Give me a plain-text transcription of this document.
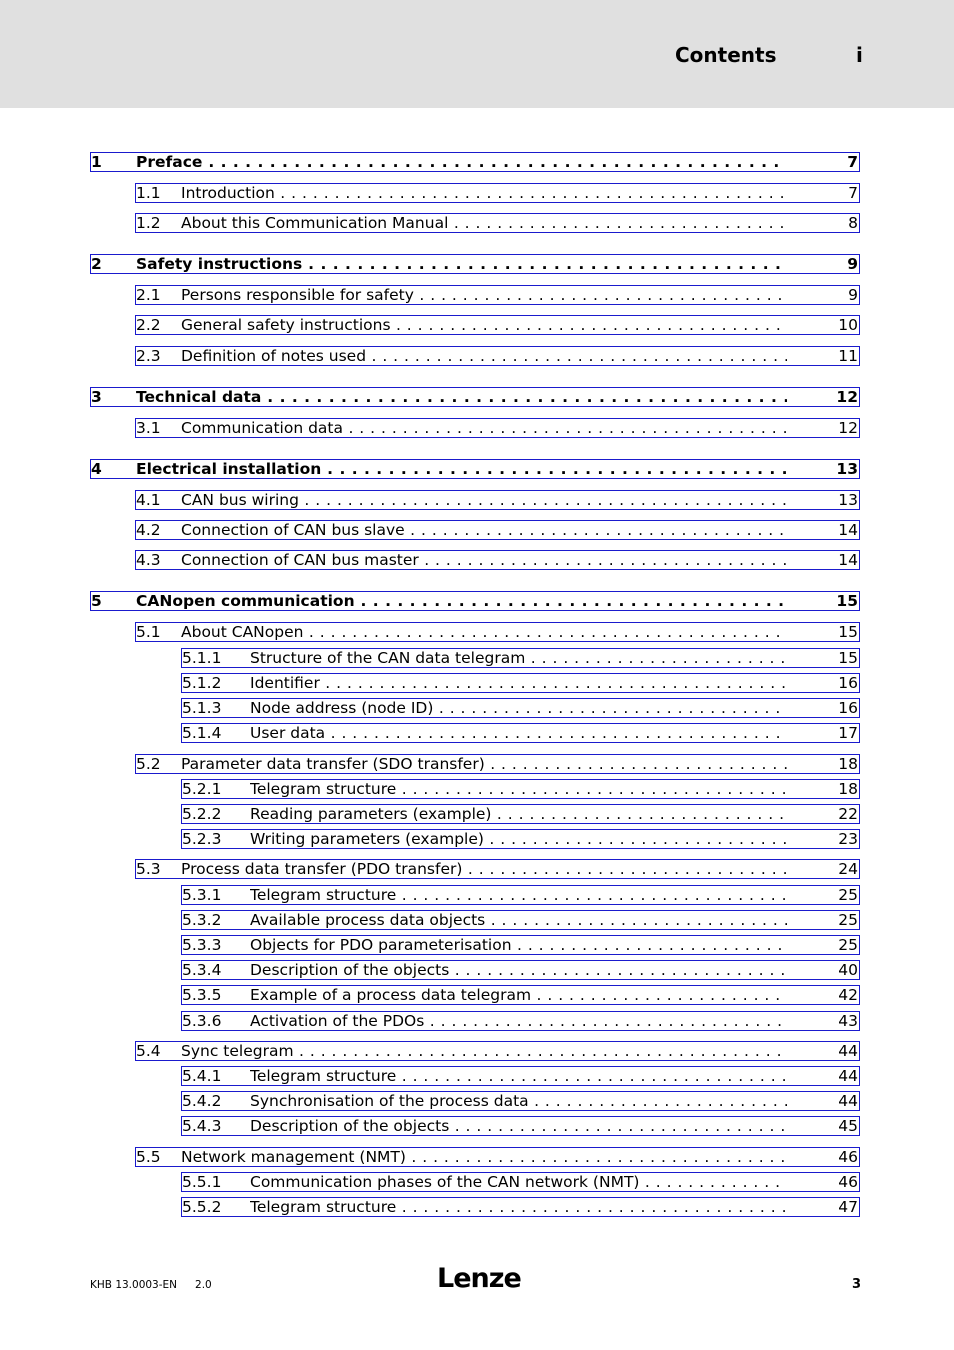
Contents	i
1 Preface . . .	7
1.1 Introduction . . .	7
1.2 About this Communication Manual . . .	8
2 Safety instructions . . .	9
2.1 Persons responsible for safety . . .	9
2.2 General safety instructions . . .	10
2.3 Definition of notes used . . .	11
3 Technical data . . .	12
3.1 Communication data . . .	12
4 Electrical installation . . .	13
4.1 CAN bus wiring . . .	13
4.2 Connection of CAN bus slave . . .	14
4.3 Connection of CAN bus master . . .	14
5 CANopen communication . . .	15
5.1 About CANopen . . .	15
5.1.1 Structure of the CAN data telegram . . .	15
5.1.2 Identifier . . .	16
5.1.3 Node address (node ID) . . .	16
5.1.4 User data . . .	17
5.2 Parameter data transfer (SDO transfer) . . .	18
5.2.1 Telegram structure . . .	18
5.2.2 Reading parameters (example) . . .	22
5.2.3 Writing parameters (example) . . .	23
5.3 Process data transfer (PDO transfer) . . .	24
5.3.1 Telegram structure . . .	25
5.3.2 Available process data objects . . .	25
5.3.3 Objects for PDO parameterisation . . .	25
5.3.4 Description of the objects . . .	40
5.3.5 Example of a process data telegram . . .	42
5.3.6 Activation of the PDOs . . .	43
5.4 Sync telegram . . .	44
5.4.1 Telegram structure . . .	44
5.4.2 Synchronisation of the process data . . .	44
5.4.3 Description of the objects . . .	45
5.5 Network management (NMT) . . .	46
5.5.1 Communication phases of the CAN network (NMT) . . .	46
5.5.2 Telegram structure . . .	47
KHB 13.0003-EN 2.0	Lenze	3
